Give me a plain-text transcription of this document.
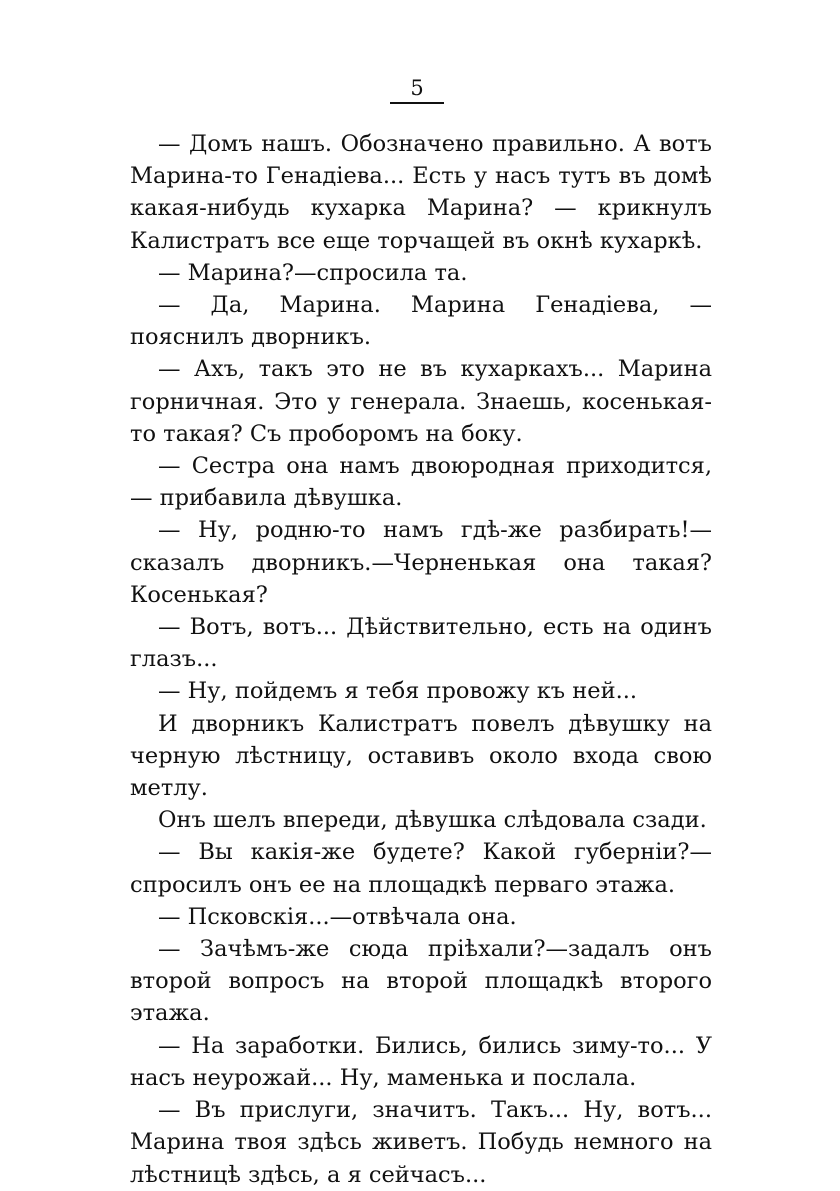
5

— Домъ нашъ. Обозначено правильно. А вотъ Марина-то Генадіева... Есть у насъ тутъ въ домѣ какая-нибудь кухарка Марина? — крикнулъ Калистратъ все еще торчащей въ окнѣ кухаркѣ.

— Марина?—спросила та.

— Да, Марина. Марина Генадіева, — пояснилъ дворникъ.

— Ахъ, такъ это не въ кухаркахъ... Марина горничная. Это у генерала. Знаешь, косенькая-то такая? Съ проборомъ на боку.

— Сестра она намъ двоюродная приходится,— прибавила дѣвушка.

— Ну, родню-то намъ гдѣ-же разбирать!—сказалъ дворникъ.—Черненькая она такая? Косенькая?

— Вотъ, вотъ... Дѣйствительно, есть на одинъ глазъ...

— Ну, пойдемъ я тебя провожу къ ней...

И дворникъ Калистратъ повелъ дѣвушку на черную лѣстницу, оставивъ около входа свою метлу.

Онъ шелъ впереди, дѣвушка слѣдовала сзади.

— Вы какія-же будете? Какой губерніи?—спросилъ онъ ее на площадкѣ перваго этажа.

— Псковскія...—отвѣчала она.

— Зачѣмъ-же сюда пріѣхали?—задалъ онъ второй вопросъ на второй площадкѣ второго этажа.

— На заработки. Бились, бились зиму-то... У насъ неурожай... Ну, маменька и послала.

— Въ прислуги, значитъ. Такъ... Ну, вотъ... Марина твоя здѣсь живетъ. Побудь немного на лѣстницѣ здѣсь, а я сейчасъ...
